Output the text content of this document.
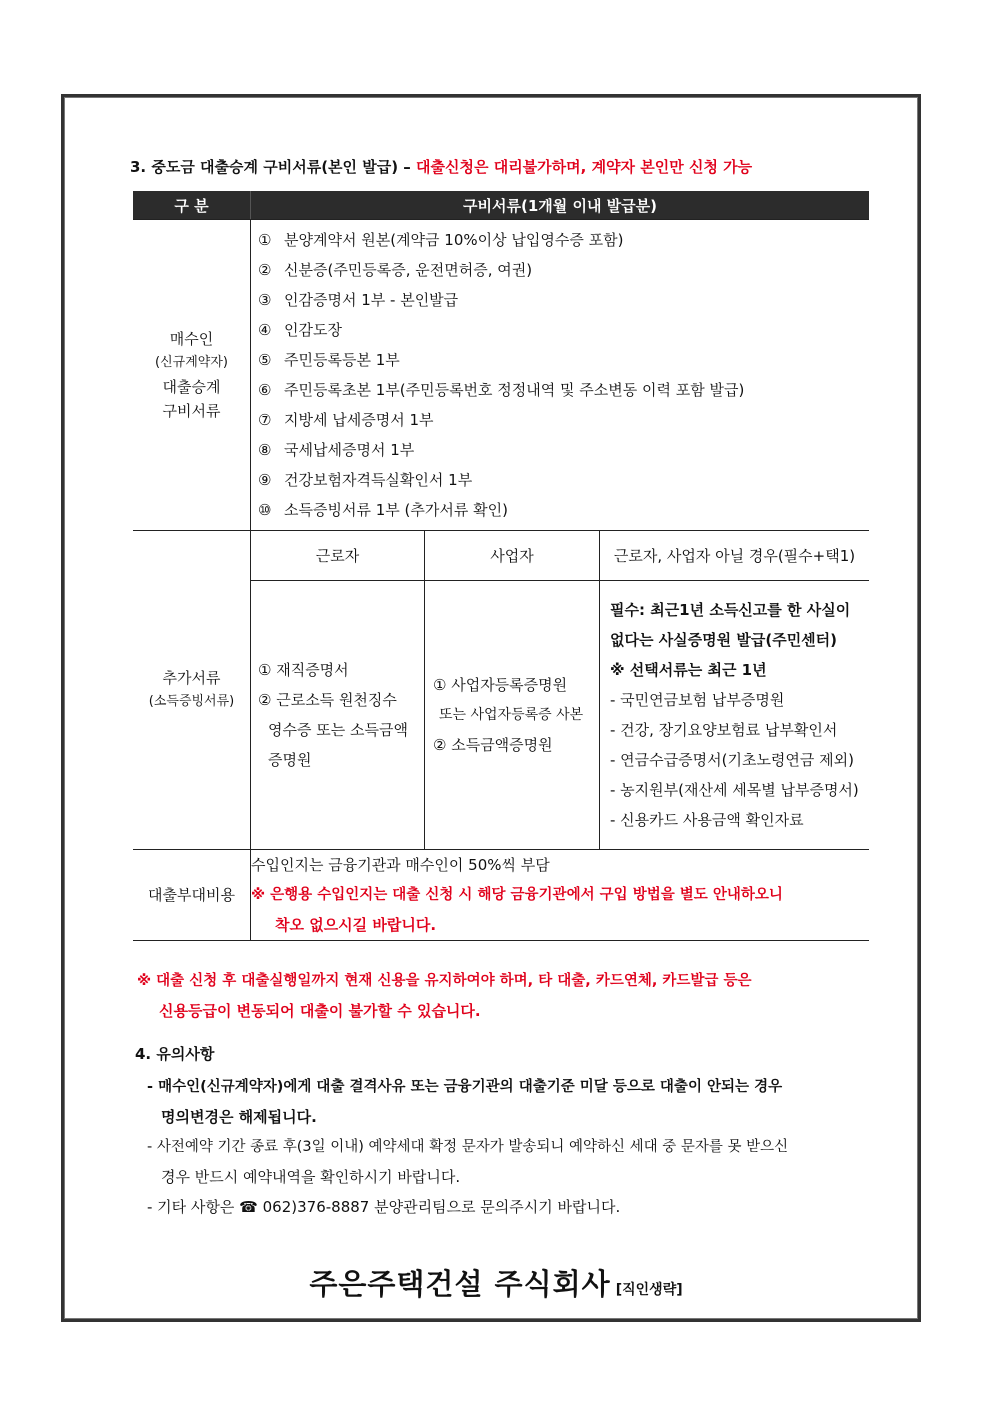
3. 중도금 대출승계 구비서류(본인 발급) – 대출신청은 대리불가하며, 계약자 본인만 신청 가능
구 분	구비서류(1개월 이내 발급분)

매수인
(신규계약자)
대출승계
구비서류

① 분양계약서 원본(계약금 10%이상 납입영수증 포함)
② 신분증(주민등록증, 운전면허증, 여권)
③ 인감증명서 1부 - 본인발급
④ 인감도장
⑤ 주민등록등본 1부
⑥ 주민등록초본 1부(주민등록번호 정정내역 및 주소변동 이력 포함 발급)
⑦ 지방세 납세증명서 1부
⑧ 국세납세증명서 1부
⑨ 건강보험자격득실확인서 1부
⑩ 소득증빙서류 1부 (추가서류 확인)

추가서류
(소득증빙서류)

근로자	사업자	근로자, 사업자 아닐 경우(필수+택1)

① 재직증명서
② 근로소득 원천징수
영수증 또는 소득금액
증명원

① 사업자등록증명원
또는 사업자등록증 사본
② 소득금액증명원

필수: 최근1년 소득신고를 한 사실이
없다는 사실증명원 발급(주민센터)
※ 선택서류는 최근 1년
- 국민연금보험 납부증명원
- 건강, 장기요양보험료 납부확인서
- 연금수급증명서(기초노령연금 제외)
- 농지원부(재산세 세목별 납부증명서)
- 신용카드 사용금액 확인자료

대출부대비용	
수입인지는 금융기관과 매수인이 50%씩 부담
※ 은행용 수입인지는 대출 신청 시 해당 금융기관에서 구입 방법을 별도 안내하오니
착오 없으시길 바랍니다.
※ 대출 신청 후 대출실행일까지 현재 신용을 유지하여야 하며, 타 대출, 카드연체, 카드발급 등은
신용등급이 변동되어 대출이 불가할 수 있습니다.
4. 유의사항
- 매수인(신규계약자)에게 대출 결격사유 또는 금융기관의 대출기준 미달 등으로 대출이 안되는 경우
명의변경은 해제됩니다.
- 사전예약 기간 종료 후(3일 이내) 예약세대 확정 문자가 발송되니 예약하신 세대 중 문자를 못 받으신
경우 반드시 예약내역을 확인하시기 바랍니다.
- 기타 사항은 ☎ 062)376-8887 분양관리팀으로 문의주시기 바랍니다.
주은주택건설 주식회사 [직인생략]
